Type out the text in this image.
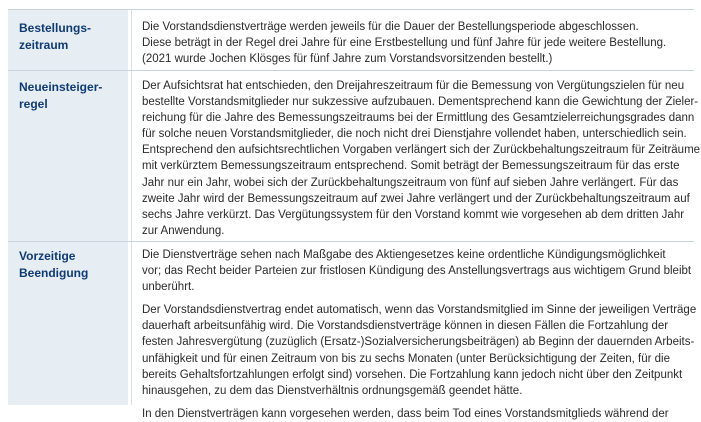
Bestellungs-
zeitraum
Die Vorstandsdienstverträge werden jeweils für die Dauer der Bestellungsperiode abgeschlossen.
Diese beträgt in der Regel drei Jahre für eine Erstbestellung und fünf Jahre für jede weitere Bestellung.
(2021 wurde Jochen Klösges für fünf Jahre zum Vorstandsvorsitzenden bestellt.)
Neueinsteiger-
regel
Der Aufsichtsrat hat entschieden, den Dreijahreszeitraum für die Bemessung von Vergütungszielen für neu
bestellte Vorstandsmitglieder nur sukzessive aufzubauen. Dementsprechend kann die Gewichtung der Zieler-
reichung für die Jahre des Bemessungszeitraums bei der Ermittlung des Gesamtzielerreichungsgrades dann
für solche neuen Vorstandsmitglieder, die noch nicht drei Dienstjahre vollendet haben, unterschiedlich sein.
Entsprechend den aufsichtsrechtlichen Vorgaben verlängert sich der Zurückbehaltungszeitraum für Zeiträume
mit verkürztem Bemessungszeitraum entsprechend. Somit beträgt der Bemessungszeitraum für das erste
Jahr nur ein Jahr, wobei sich der Zurückbehaltungszeitraum von fünf auf sieben Jahre verlängert. Für das
zweite Jahr wird der Bemessungszeitraum auf zwei Jahre verlängert und der Zurückbehaltungszeitraum auf
sechs Jahre verkürzt. Das Vergütungssystem für den Vorstand kommt wie vorgesehen ab dem dritten Jahr
zur Anwendung.
Vorzeitige
Beendigung
Die Dienstverträge sehen nach Maßgabe des Aktiengesetzes keine ordentliche Kündigungsmöglichkeit
vor; das Recht beider Parteien zur fristlosen Kündigung des Anstellungsvertrags aus wichtigem Grund bleibt
unberührt.
Der Vorstandsdienstvertrag endet automatisch, wenn das Vorstandsmitglied im Sinne der jeweiligen Verträge
dauerhaft arbeitsunfähig wird. Die Vorstandsdienstverträge können in diesen Fällen die Fortzahlung der
festen Jahresvergütung (zuzüglich (Ersatz-)Sozialversicherungsbeiträgen) ab Beginn der dauernden Arbeits-
unfähigkeit und für einen Zeitraum von bis zu sechs Monaten (unter Berücksichtigung der Zeiten, für die
bereits Gehaltsfortzahlungen erfolgt sind) vorsehen. Die Fortzahlung kann jedoch nicht über den Zeitpunkt
hinausgehen, zu dem das Dienstverhältnis ordnungsgemäß geendet hätte.
In den Dienstverträgen kann vorgesehen werden, dass beim Tod eines Vorstandsmitglieds während der
